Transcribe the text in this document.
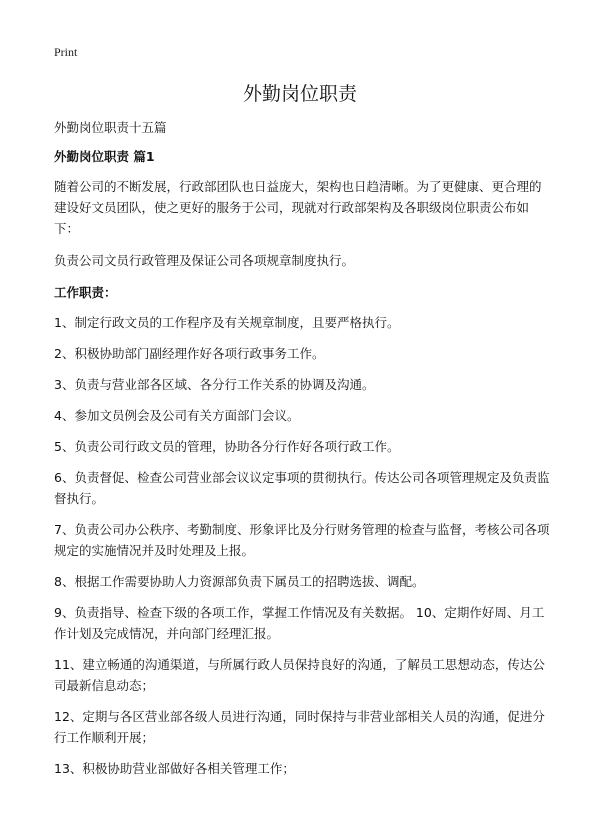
Print
外勤岗位职责

外勤岗位职责十五篇

外勤岗位职责 篇1

随着公司的不断发展，行政部团队也日益庞大，架构也日趋清晰。为了更健康、更合理的建设好文员团队，使之更好的服务于公司，现就对行政部架构及各职级岗位职责公布如下：

负责公司文员行政管理及保证公司各项规章制度执行。

工作职责：

1、制定行政文员的工作程序及有关规章制度，且要严格执行。

2、积极协助部门副经理作好各项行政事务工作。

3、负责与营业部各区域、各分行工作关系的协调及沟通。

4、参加文员例会及公司有关方面部门会议。

5、负责公司行政文员的管理，协助各分行作好各项行政工作。

6、负责督促、检查公司营业部会议议定事项的贯彻执行。传达公司各项管理规定及负责监督执行。

7、负责公司办公秩序、考勤制度、形象评比及分行财务管理的检查与监督，考核公司各项规定的实施情况并及时处理及上报。

8、根据工作需要协助人力资源部负责下属员工的招聘选拔、调配。

9、负责指导、检查下级的各项工作，掌握工作情况及有关数据。 10、定期作好周、月工作计划及完成情况，并向部门经理汇报。

11、建立畅通的沟通渠道，与所属行政人员保持良好的沟通，了解员工思想动态，传达公司最新信息动态；

12、定期与各区营业部各级人员进行沟通，同时保持与非营业部相关人员的沟通，促进分行工作顺利开展；

13、积极协助营业部做好各相关管理工作；
